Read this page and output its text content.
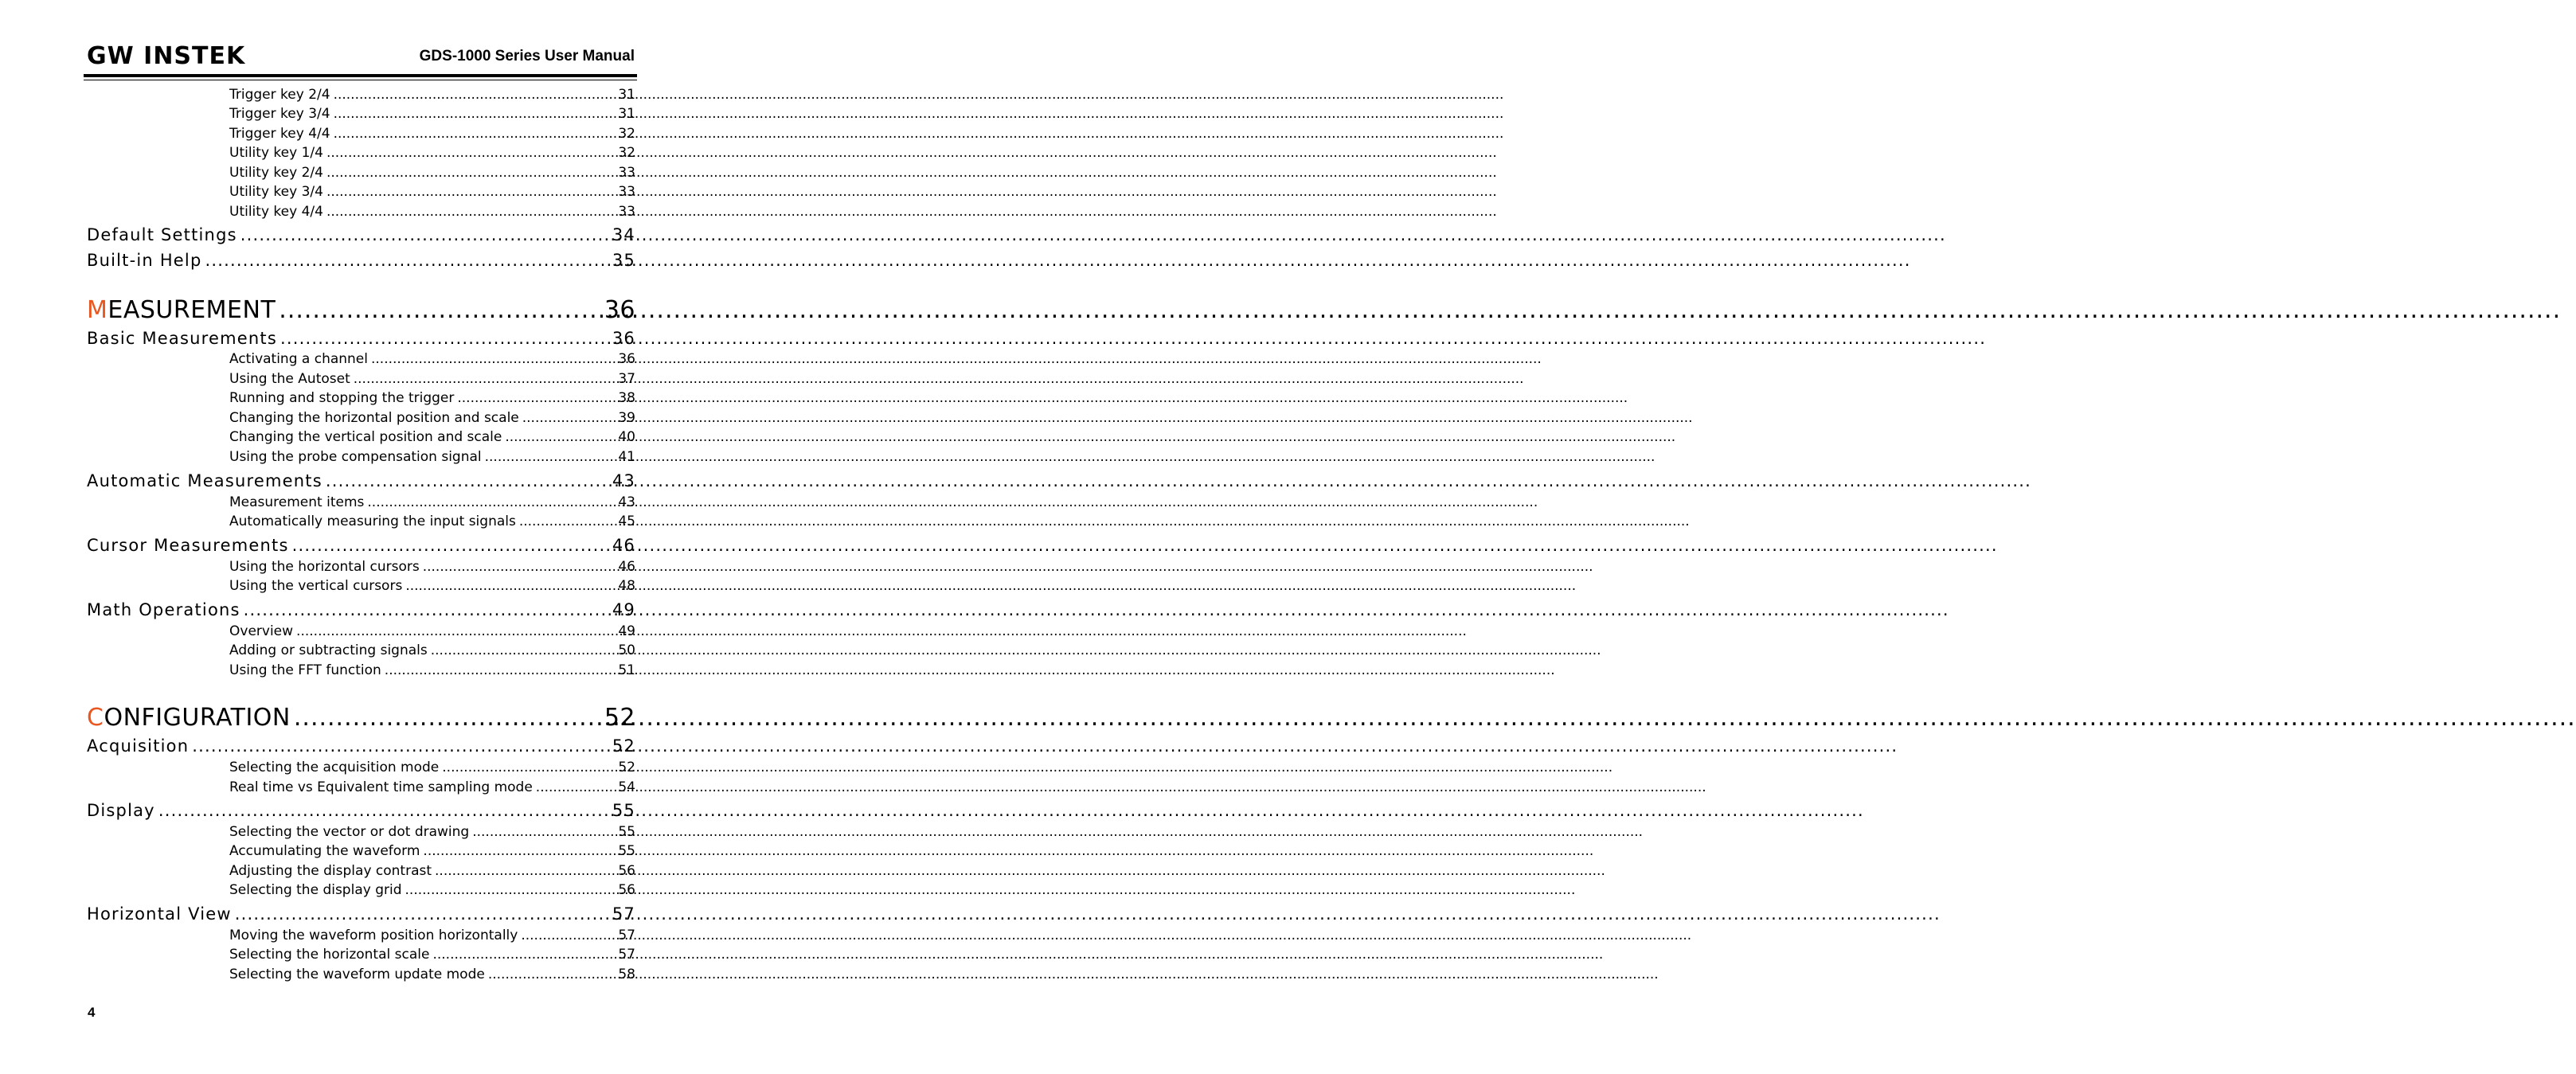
GW INSTEK	GDS-1000 Series User Manual
Trigger key 2/4 .....	31
Trigger key 3/4 .....	31
Trigger key 4/4 .....	32
Utility key 1/4 .....	32
Utility key 2/4 .....	33
Utility key 3/4 .....	33
Utility key 4/4 .....	33
Default Settings .....	34
Built-in Help .....	35
MEASUREMENT .....	36
Basic Measurements .....	36
Activating a channel .....	36
Using the Autoset .....	37
Running and stopping the trigger .....	38
Changing the horizontal position and scale .....	39
Changing the vertical position and scale .....	40
Using the probe compensation signal .....	41
Automatic Measurements .....	43
Measurement items .....	43
Automatically measuring the input signals .....	45
Cursor Measurements .....	46
Using the horizontal cursors .....	46
Using the vertical cursors .....	48
Math Operations .....	49
Overview .....	49
Adding or subtracting signals .....	50
Using the FFT function .....	51
CONFIGURATION .....	52
Acquisition .....	52
Selecting the acquisition mode .....	52
Real time vs Equivalent time sampling mode .....	54
Display .....	55
Selecting the vector or dot drawing .....	55
Accumulating the waveform .....	55
Adjusting the display contrast .....	56
Selecting the display grid .....	56
Horizontal View .....	57
Moving the waveform position horizontally .....	57
Selecting the horizontal scale .....	57
Selecting the waveform update mode .....	58
4
